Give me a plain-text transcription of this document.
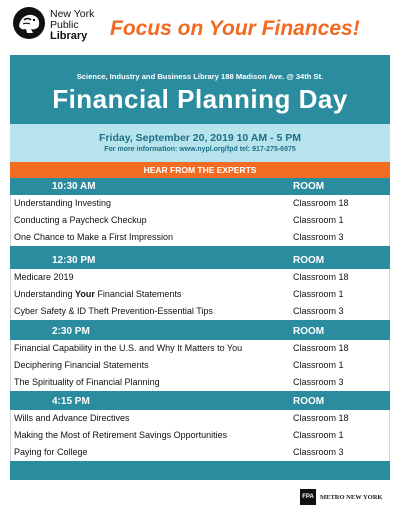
New York
Public
Library	Focus on Your Finances!
Science, Industry and Business Library 188 Madison Ave. @ 34th St.
Financial Planning Day
Friday, September 20, 2019 10 AM - 5 PM
For more information: www.nypl.org/fpd tel: 917-275-6975
HEAR FROM THE EXPERTS
10:30 AM	ROOM
Understanding Investing	Classroom 18
Conducting a Paycheck Checkup	Classroom 1
One Chance to Make a First Impression	Classroom 3
12:30 PM	ROOM
Medicare 2019	Classroom 18
Understanding Your Financial Statements	Classroom 1
Cyber Safety & ID Theft Prevention-Essential Tips	Classroom 3
2:30 PM	ROOM
Financial Capability in the U.S. and Why It Matters to You	Classroom 18
Deciphering Financial Statements	Classroom 1
The Spirituality of Financial Planning	Classroom 3
4:15 PM	ROOM
Wills and Advance Directives	Classroom 18
Making the Most of Retirement Savings Opportunities	Classroom 1
Paying for College	Classroom 3
FPA METRO NEW YORK
